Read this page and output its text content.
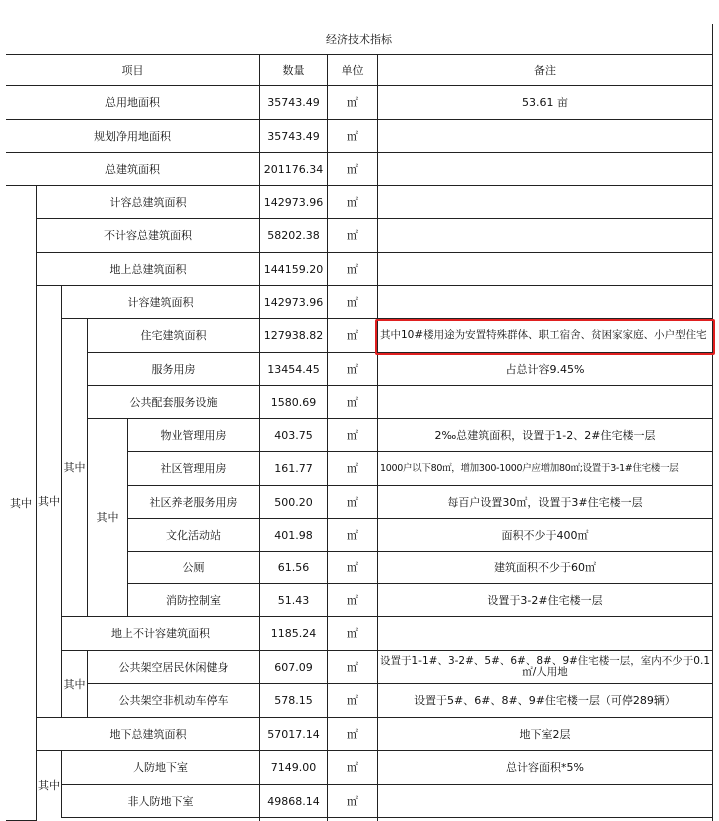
经济技术指标
项目	数量	单位	备注
其中 其中
其中
其中
其中
其中
总用地面积	35743.49	㎡	53.61 亩
规划净用地面积	35743.49	㎡
总建筑面积	201176.34	㎡
计容总建筑面积	142973.96	㎡
不计容总建筑面积	58202.38	㎡
地上总建筑面积	144159.20	㎡
计容建筑面积	142973.96	㎡
住宅建筑面积	127938.82	㎡	其中10#楼用途为安置特殊群体、职工宿舍、贫困家家庭、小户型住宅
服务用房	13454.45	㎡	占总计容9.45%
公共配套服务设施	1580.69	㎡
物业管理用房	403.75	㎡	2‰总建筑面积，设置于1-2、2#住宅楼一层
社区管理用房	161.77	㎡	1000户以下80㎡，增加300-1000户应增加80㎡;设置于3-1#住宅楼一层
社区养老服务用房	500.20	㎡	每百户设置30㎡，设置于3#住宅楼一层
文化活动站	401.98	㎡	面积不少于400㎡
公厕	61.56	㎡	建筑面积不少于60㎡
消防控制室	51.43	㎡	设置于3-2#住宅楼一层
地上不计容建筑面积	1185.24	㎡
公共架空居民休闲健身	607.09	㎡	设置于1-1#、3-2#、5#、6#、8#、9#住宅楼一层，室内不少于0.1㎡/人用地
公共架空非机动车停车	578.15	㎡	设置于5#、6#、8#、9#住宅楼一层（可停289辆）
地下总建筑面积	57017.14	㎡	地下室2层
人防地下室	7149.00	㎡	总计容面积*5%
非人防地下室	49868.14	㎡
